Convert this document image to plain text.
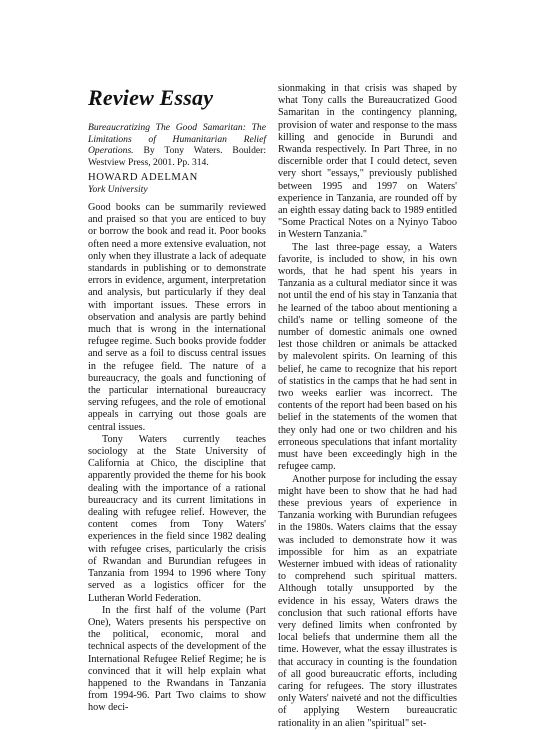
Review Essay
Bureaucratizing The Good Samaritan: The Limitations of Humanitarian Relief Operations. By Tony Waters. Boulder: Westview Press, 2001. Pp. 314.
HOWARD ADELMAN
York University

Good books can be summarily reviewed and praised so that you are enticed to buy or borrow the book and read it. Poor books often need a more extensive evaluation, not only when they illustrate a lack of adequate standards in publishing or to demonstrate errors in evidence, argument, interpretation and analysis, but particularly if they deal with important issues. These errors in observation and analysis are partly behind much that is wrong in the international refugee regime. Such books provide fodder and serve as a foil to discuss central issues in the refugee field. The nature of a bureaucracy, the goals and functioning of the particular international bureaucracy serving refugees, and the role of emotional appeals in carrying out those goals are central issues.

Tony Waters currently teaches sociology at the State University of California at Chico, the discipline that apparently provided the theme for his book dealing with the importance of a rational bureaucracy and its current limitations in dealing with refugee relief. However, the content comes from Tony Waters' experiences in the field since 1982 dealing with refugee crises, particularly the crisis of Rwandan and Burundian refugees in Tanzania from 1994 to 1996 where Tony served as a logistics officer for the Lutheran World Federation.

In the first half of the volume (Part One), Waters presents his perspective on the political, economic, moral and technical aspects of the development of the International Refugee Relief Regime; he is convinced that it will help explain what happened to the Rwandans in Tanzania from 1994-96. Part Two claims to show how deci-

sionmaking in that crisis was shaped by what Tony calls the Bureaucratized Good Samaritan in the contingency planning, provision of water and response to the mass killing and genocide in Burundi and Rwanda respectively. In Part Three, in no discernible order that I could detect, seven very short "essays," previously published between 1995 and 1997 on Waters' experience in Tanzania, are rounded off by an eighth essay dating back to 1989 entitled "Some Practical Notes on a Nyinyo Taboo in Western Tanzania."

The last three-page essay, a Waters favorite, is included to show, in his own words, that he had spent his years in Tanzania as a cultural mediator since it was not until the end of his stay in Tanzania that he learned of the taboo about mentioning a child's name or telling someone of the number of domestic animals one owned lest those children or animals be attacked by malevolent spirits. On learning of this belief, he came to recognize that his report of statistics in the camps that he had sent in two weeks earlier was incorrect. The contents of the report had been based on his belief in the statements of the women that they only had one or two children and his erroneous speculations that infant mortality must have been exceedingly high in the refugee camp.

Another purpose for including the essay might have been to show that he had had these previous years of experience in Tanzania working with Burundian refugees in the 1980s. Waters claims that the essay was included to demonstrate how it was impossible for him as an expatriate Westerner imbued with ideas of rationality to comprehend such spiritual matters. Although totally unsupported by the evidence in his essay, Waters draws the conclusion that such rational efforts have very defined limits when confronted by local beliefs that undermine them all the time. However, what the essay illustrates is that accuracy in counting is the foundation of all good bureaucratic efforts, including caring for refugees. The story illustrates only Waters' naiveté and not the difficulties of applying Western bureaucratic rationality in an alien "spiritual" set-
